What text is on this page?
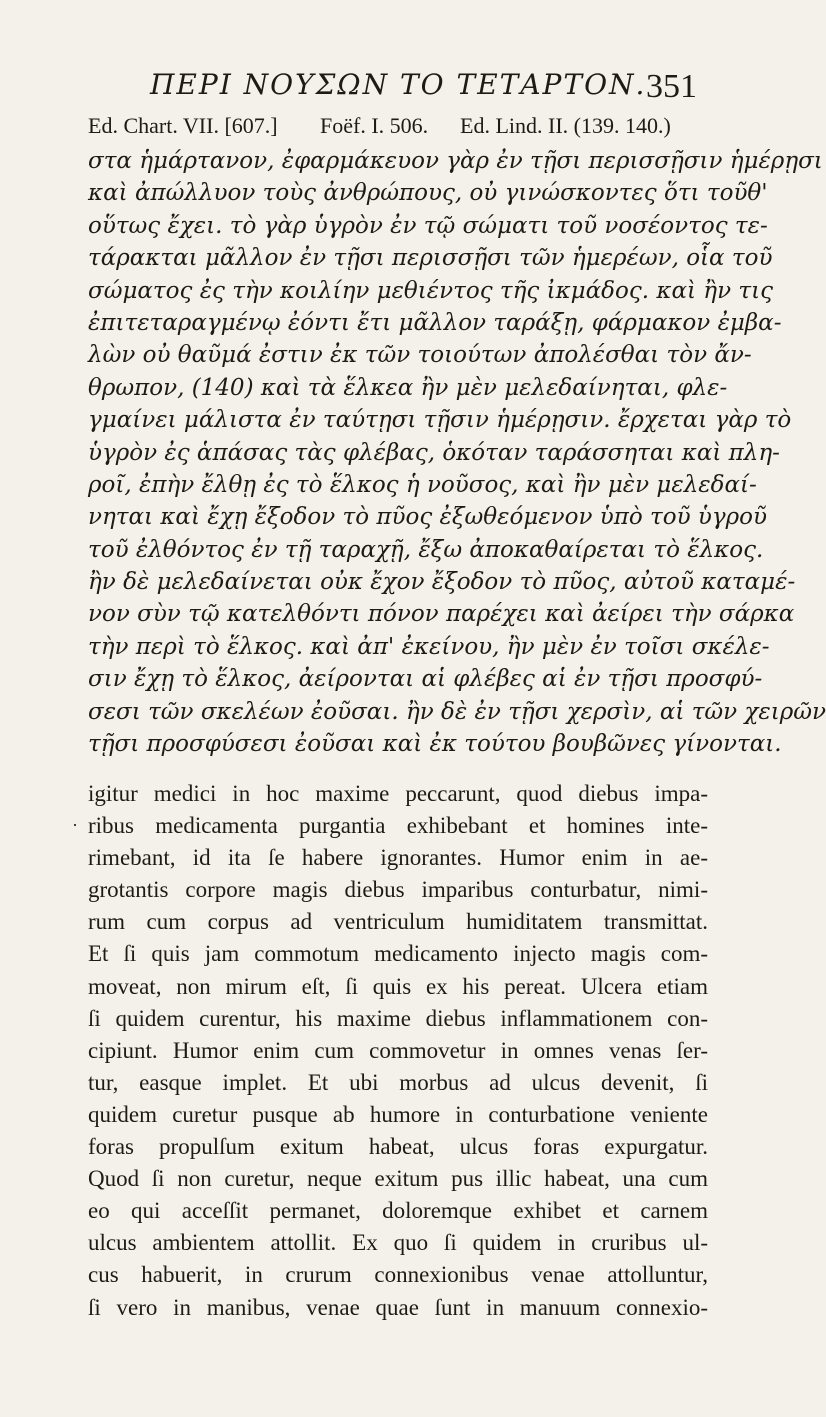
ΠΕΡΙ ΝΟΥΣΩΝ ΤΟ ΤΕΤΑΡΤΟΝ. 351
Ed. Chart. VII. [607.] Foëf. I. 506. Ed. Lind. II. (139. 140.)
στα ἡμάρτανον, ἐφαρμάκευον γὰρ ἐν τῇσι περισσῇσιν ἡμέρῃσι
καὶ ἀπώλλυον τοὺς ἀνθρώπους, οὐ γινώσκοντες ὅτι τοῦθ'
οὕτως ἔχει. τὸ γὰρ ὑγρὸν ἐν τῷ σώματι τοῦ νοσέοντος τε-
τάρακται μᾶλλον ἐν τῇσι περισσῇσι τῶν ἡμερέων, οἷα τοῦ
σώματος ἐς τὴν κοιλίην μεθιέντος τῆς ἰκμάδος. καὶ ἢν τις
ἐπιτεταραγμένῳ ἐόντι ἔτι μᾶλλον ταράξῃ, φάρμακον ἐμβα-
λὼν οὐ θαῦμά ἐστιν ἐκ τῶν τοιούτων ἀπολέσθαι τὸν ἄν-
θρωπον, (140) καὶ τὰ ἕλκεα ἢν μὲν μελεδαίνηται, φλε-
γμαίνει μάλιστα ἐν ταύτῃσι τῇσιν ἡμέρῃσιν. ἔρχεται γὰρ τὸ
ὑγρὸν ἐς ἁπάσας τὰς φλέβας, ὁκόταν ταράσσηται καὶ πλη-
ροῖ, ἐπὴν ἔλθῃ ἐς τὸ ἕλκος ἡ νοῦσος, καὶ ἢν μὲν μελεδαί-
νηται καὶ ἔχῃ ἔξοδον τὸ πῦος ἐξωθεόμενον ὑπὸ τοῦ ὑγροῦ
τοῦ ἐλθόντος ἐν τῇ ταραχῇ, ἔξω ἀποκαθαίρεται τὸ ἕλκος.
ἢν δὲ μελεδαίνεται οὐκ ἔχον ἔξοδον τὸ πῦος, αὐτοῦ καταμέ-
νον σὺν τῷ κατελθόντι πόνον παρέχει καὶ ἀείρει τὴν σάρκα
τὴν περὶ τὸ ἕλκος. καὶ ἀπ' ἐκείνου, ἢν μὲν ἐν τοῖσι σκέλε-
σιν ἔχῃ τὸ ἕλκος, ἀείρονται αἱ φλέβες αἱ ἐν τῇσι προσφύ-
σεσι τῶν σκελέων ἐοῦσαι. ἢν δὲ ἐν τῇσι χερσὶν, αἱ τῶν χειρῶν
τῇσι προσφύσεσι ἐοῦσαι καὶ ἐκ τούτου βουβῶνες γίνονται.
·
igitur medici in hoc maxime peccarunt, quod diebus impa-
ribus medicamenta purgantia exhibebant et homines inte-
rimebant, id ita ſe habere ignorantes. Humor enim in ae-
grotantis corpore magis diebus imparibus conturbatur, nimi-
rum cum corpus ad ventriculum humiditatem transmittat.
Et ſi quis jam commotum medicamento injecto magis com-
moveat, non mirum eſt, ſi quis ex his pereat. Ulcera etiam
ſi quidem curentur, his maxime diebus inflammationem con-
cipiunt. Humor enim cum commovetur in omnes venas ſer-
tur, easque implet. Et ubi morbus ad ulcus devenit, ſi
quidem curetur pusque ab humore in conturbatione veniente
foras propulſum exitum habeat, ulcus foras expurgatur.
Quod ſi non curetur, neque exitum pus illic habeat, una cum
eo qui acceſſit permanet, doloremque exhibet et carnem
ulcus ambientem attollit. Ex quo ſi quidem in cruribus ul-
cus habuerit, in crurum connexionibus venae attolluntur,
ſi vero in manibus, venae quae ſunt in manuum connexio-
